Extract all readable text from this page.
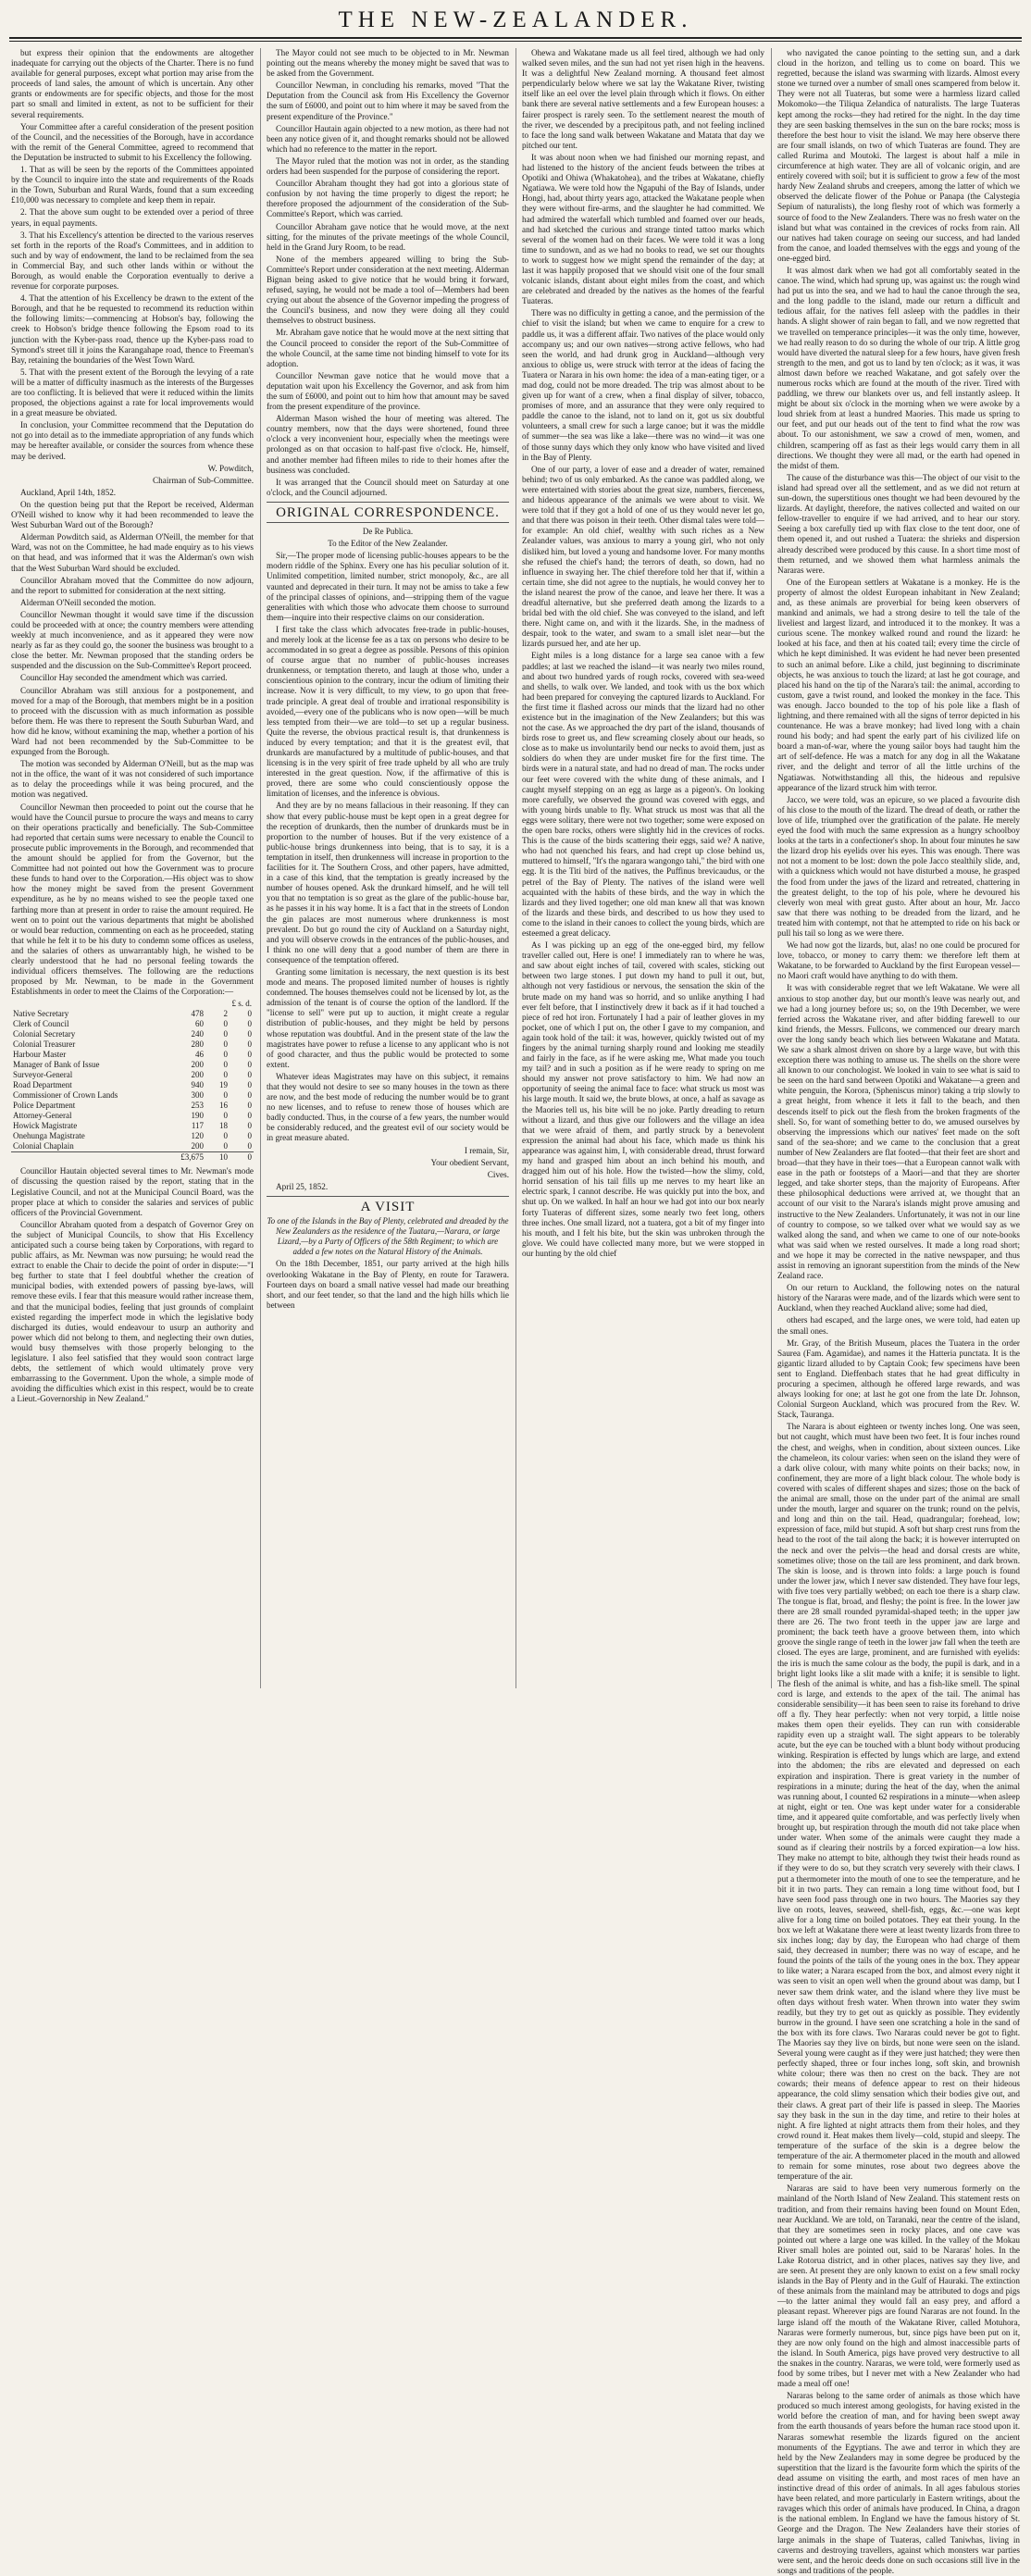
THE NEW-ZEALANDER.

but express their opinion that the endowments are altogether inadequate for carrying out the objects of the Charter. There is no fund available for general purposes, except what portion may arise from the proceeds of land sales, the amount of which is uncertain. Any other grants or endowments are for specific objects, and those for the most part so small and limited in extent, as not to be sufficient for their several requirements.

Your Committee after a careful consideration of the present position of the Council, and the necessities of the Borough, have in accordance with the remit of the General Committee, agreed to recommend that the Deputation be instructed to submit to his Excellency the following.

1. That as will be seen by the reports of the Committees appointed by the Council to inquire into the state and requirements of the Roads in the Town, Suburban and Rural Wards, found that a sum exceeding £10,000 was necessary to complete and keep them in repair.

2. That the above sum ought to be extended over a period of three years, in equal payments.

3. That his Excellency's attention be directed to the various reserves set forth in the reports of the Road's Committees, and in addition to such and by way of endowment, the land to be reclaimed from the sea in Commercial Bay, and such other lands within or without the Borough, as would enable the Corporation eventually to derive a revenue for corporate purposes.

4. That the attention of his Excellency be drawn to the extent of the Borough, and that he be requested to recommend its reduction within the following limits:—commencing at Hobson's bay, following the creek to Hobson's bridge thence following the Epsom road to its junction with the Kyber-pass road, thence up the Kyber-pass road to Symond's street till it joins the Karangahape road, thence to Freeman's Bay, retaining the boundaries of the West Town Ward.

5. That with the present extent of the Borough the levying of a rate will be a matter of difficulty inasmuch as the interests of the Burgesses are too conflicting. It is believed that were it reduced within the limits proposed, the objections against a rate for local improvements would in a great measure be obviated.

In conclusion, your Committee recommend that the Deputation do not go into detail as to the immediate appropriation of any funds which may be hereafter available, or consider the sources from whence these may be derived.

W. Powditch,

Chairman of Sub-Committee.

Auckland, April 14th, 1852.

On the question being put that the Report be received, Alderman O'Neill wished to know why it had been recommended to leave the West Suburban Ward out of the Borough?

Alderman Powditch said, as Alderman O'Neill, the member for that Ward, was not on the Committee, he had made enquiry as to his views on that head, and was informed that it was the Alderman's own wish that the West Suburban Ward should be excluded.

Councillor Abraham moved that the Committee do now adjourn, and the report to submitted for consideration at the next sitting.

Alderman O'Neill seconded the motion.

Councillor Newman thought it would save time if the discussion could be proceeded with at once; the country members were attending weekly at much inconvenience, and as it appeared they were now nearly as far as they could go, the sooner the business was brought to a close the better. Mr. Newman proposed that the standing orders be suspended and the discussion on the Sub-Committee's Report proceed.

Councillor Hay seconded the amendment which was carried.

Councillor Abraham was still anxious for a postponement, and moved for a map of the Borough, that members might be in a position to proceed with the discussion with as much information as possible before them. He was there to represent the South Suburban Ward, and how did he know, without examining the map, whether a portion of his Ward had not been recommended by the Sub-Committee to be expunged from the Borough.

The motion was seconded by Alderman O'Neill, but as the map was not in the office, the want of it was not considered of such importance as to delay the proceedings while it was being procured, and the motion was negatived.

Councillor Newman then proceeded to point out the course that he would have the Council pursue to procure the ways and means to carry on their operations practically and beneficially. The Sub-Committee had reported that certain sums were necessary to enable the Council to prosecute public improvements in the Borough, and recommended that the amount should be applied for from the Governor, but the Committee had not pointed out how the Government was to procure these funds to hand over to the Corporation.—His object was to show how the money might be saved from the present Government expenditure, as he by no means wished to see the people taxed one farthing more than at present in order to raise the amount required. He went on to point out the various departments that might be abolished or would bear reduction, commenting on each as he proceeded, stating that while he felt it to be his duty to condemn some offices as useless, and the salaries of others as unwarrantably high, he wished to be clearly understood that he had no personal feeling towards the individual officers themselves. The following are the reductions proposed by Mr. Newman, to be made in the Government Establishments in order to meet the Claims of the Corporation:—

	£ s. d.		
Native Secretary	478	2	0
Clerk of Council	60	0	0
Colonial Secretary	240	0	0
Colonial Treasurer	280	0	0
Harbour Master	46	0	0
Manager of Bank of Issue	200	0	0
Surveyor-General	200	0	0
Road Department	940	19	0
Commissioner of Crown Lands	300	0	0
Police Department	253	16	0
Attorney-General	190	0	0
Howick Magistrate	117	18	0
Onehunga Magistrate	120	0	0
Colonial Chaplain	200	0	0
	£3,675	10	0

Councillor Hautain objected several times to Mr. Newman's mode of discussing the question raised by the report, stating that in the Legislative Council, and not at the Municipal Council Board, was the proper place at which to consider the salaries and services of public officers of the Provincial Government.

Councillor Abraham quoted from a despatch of Governor Grey on the subject of Municipal Councils, to show that His Excellency anticipated such a course being taken by Corporations, with regard to public affairs, as Mr. Newman was now pursuing; he would read the extract to enable the Chair to decide the point of order in dispute:—"I beg further to state that I feel doubtful whether the creation of municipal bodies, with extended powers of passing bye-laws, will remove these evils. I fear that this measure would rather increase them, and that the municipal bodies, feeling that just grounds of complaint existed regarding the imperfect mode in which the legislative body discharged its duties, would endeavour to usurp an authority and power which did not belong to them, and neglecting their own duties, would busy themselves with those properly belonging to the legislature. I also feel satisfied that they would soon contract large debts, the settlement of which would ultimately prove very embarrassing to the Government. Upon the whole, a simple mode of avoiding the difficulties which exist in this respect, would be to create a Lieut.-Governorship in New Zealand."

The Mayor could not see much to be objected to in Mr. Newman pointing out the means whereby the money might be saved that was to be asked from the Government.

Councillor Newman, in concluding his remarks, moved "That the Deputation from the Council ask from His Excellency the Governor the sum of £6000, and point out to him where it may be saved from the present expenditure of the Province."

Councillor Hautain again objected to a new motion, as there had not been any notice given of it, and thought remarks should not be allowed which had no reference to the matter in the report.

The Mayor ruled that the motion was not in order, as the standing orders had been suspended for the purpose of considering the report.

Councillor Abraham thought they had got into a glorious state of confusion by not having the time properly to digest the report; he therefore proposed the adjournment of the consideration of the Sub-Committee's Report, which was carried.

Councillor Abraham gave notice that he would move, at the next sitting, for the minutes of the private meetings of the whole Council, held in the Grand Jury Room, to be read.

None of the members appeared willing to bring the Sub-Committee's Report under consideration at the next meeting. Alderman Bignan being asked to give notice that he would bring it forward, refused, saying, he would not be made a tool of—Members had been crying out about the absence of the Governor impeding the progress of the Council's business, and now they were doing all they could themselves to obstruct business.

Mr. Abraham gave notice that he would move at the next sitting that the Council proceed to consider the report of the Sub-Committee of the whole Council, at the same time not binding himself to vote for its adoption.

Councillor Newman gave notice that he would move that a deputation wait upon his Excellency the Governor, and ask from him the sum of £6000, and point out to him how that amount may be saved from the present expenditure of the province.

Alderman Mason wished the hour of meeting was altered. The country members, now that the days were shortened, found three o'clock a very inconvenient hour, especially when the meetings were prolonged as on that occasion to half-past five o'clock. He, himself, and another member had fifteen miles to ride to their homes after the business was concluded.

It was arranged that the Council should meet on Saturday at one o'clock, and the Council adjourned.

ORIGINAL CORRESPONDENCE.

De Re Publica.

To the Editor of the New Zealander.

Sir,—The proper mode of licensing public-houses appears to be the modern riddle of the Sphinx. Every one has his peculiar solution of it. Unlimited competition, limited number, strict monopoly, &c., are all vaunted and deprecated in their turn. It may not be amiss to take a few of the principal classes of opinions, and—stripping them of the vague generalities with which those who advocate them choose to surround them—inquire into their respective claims on our consideration.

I first take the class which advocates free-trade in public-houses, and merely look at the license fee as a tax on persons who desire to be accommodated in so great a degree as possible. Persons of this opinion of course argue that no number of public-houses increases drunkenness, or temptation thereto, and laugh at those who, under a conscientious opinion to the contrary, incur the odium of limiting their increase. Now it is very difficult, to my view, to go upon that free-trade principle. A great deal of trouble and irrational responsibility is avoided,—every one of the publicans who is now open—will be much less tempted from their—we are told—to set up a regular business. Quite the reverse, the obvious practical result is, that drunkenness is induced by every temptation; and that it is the greatest evil, that drunkards are manufactured by a multitude of public-houses, and that licensing is in the very spirit of free trade upheld by all who are truly interested in the great question. Now, if the affirmative of this is proved, there are some who could conscientiously oppose the limitation of licenses, and the inference is obvious.

And they are by no means fallacious in their reasoning. If they can show that every public-house must be kept open in a great degree for the reception of drunkards, then the number of drunkards must be in proportion to the number of houses. But if the very existence of a public-house brings drunkenness into being, that is to say, it is a temptation in itself, then drunkenness will increase in proportion to the facilities for it. The Southern Cross, and other papers, have admitted, in a case of this kind, that the temptation is greatly increased by the number of houses opened. Ask the drunkard himself, and he will tell you that no temptation is so great as the glare of the public-house bar, as he passes it in his way home. It is a fact that in the streets of London the gin palaces are most numerous where drunkenness is most prevalent. Do but go round the city of Auckland on a Saturday night, and you will observe crowds in the entrances of the public-houses, and I think no one will deny that a good number of them are there in consequence of the temptation offered.

Granting some limitation is necessary, the next question is its best mode and means. The proposed limited number of houses is rightly condemned. The houses themselves could not be licensed by lot, as the admission of the tenant is of course the option of the landlord. If the "license to sell" were put up to auction, it might create a regular distribution of public-houses, and they might be held by persons whose reputation was doubtful. And in the present state of the law the magistrates have power to refuse a license to any applicant who is not of good character, and thus the public would be protected to some extent.

Whatever ideas Magistrates may have on this subject, it remains that they would not desire to see so many houses in the town as there are now, and the best mode of reducing the number would be to grant no new licenses, and to refuse to renew those of houses which are badly conducted. Thus, in the course of a few years, the number would be considerably reduced, and the greatest evil of our society would be in great measure abated.

I remain, Sir,

Your obedient Servant,

Cives.

April 25, 1852.

A VISIT

To one of the Islands in the Bay of Plenty, celebrated and dreaded by the New Zealanders as the residence of the Tuatara,—Narara, or large Lizard,—by a Party of Officers of the 58th Regiment; to which are added a few notes on the Natural History of the Animals.

On the 18th December, 1851, our party arrived at the high hills overlooking Wakatane in the Bay of Plenty, en route for Tarawera. Fourteen days on board a small native vessel had made our breathing short, and our feet tender, so that the land and the high hills which lie between

Ohewa and Wakatane made us all feel tired, although we had only walked seven miles, and the sun had not yet risen high in the heavens. It was a delightful New Zealand morning. A thousand feet almost perpendicularly below where we sat lay the Wakatane River, twisting itself like an eel over the level plain through which it flows. On either bank there are several native settlements and a few European houses: a fairer prospect is rarely seen. To the settlement nearest the mouth of the river, we descended by a precipitous path, and not feeling inclined to face the long sand walk between Wakatane and Matata that day we pitched our tent.

It was about noon when we had finished our morning repast, and had listened to the history of the ancient feuds between the tribes at Opotiki and Ohiwa (Whakatohea), and the tribes at Wakatane, chiefly Ngatiawa. We were told how the Ngapuhi of the Bay of Islands, under Hongi, had, about thirty years ago, attacked the Wakatane people when they were without fire-arms, and the slaughter he had committed. We had admired the waterfall which tumbled and foamed over our heads, and had sketched the curious and strange tinted tattoo marks which several of the women had on their faces. We were told it was a long time to sundown, and as we had no books to read, we set our thoughts to work to suggest how we might spend the remainder of the day; at last it was happily proposed that we should visit one of the four small volcanic islands, distant about eight miles from the coast, and which are celebrated and dreaded by the natives as the homes of the fearful Tuateras.

There was no difficulty in getting a canoe, and the permission of the chief to visit the island; but when we came to enquire for a crew to paddle us, it was a different affair. Two natives of the place would only accompany us; and our own natives—strong active fellows, who had seen the world, and had drunk grog in Auckland—although very anxious to oblige us, were struck with terror at the ideas of facing the Tuatera or Narara in his own home: the idea of a man-eating tiger, or a mad dog, could not be more dreaded. The trip was almost about to be given up for want of a crew, when a final display of silver, tobacco, promises of more, and an assurance that they were only required to paddle the canoe to the island, not to land on it, got us six doubtful volunteers, a small crew for such a large canoe; but it was the middle of summer—the sea was like a lake—there was no wind—it was one of those sunny days which they only know who have visited and lived in the Bay of Plenty.

One of our party, a lover of ease and a dreader of water, remained behind; two of us only embarked. As the canoe was paddled along, we were entertained with stories about the great size, numbers, fierceness, and hideous appearance of the animals we were about to visit. We were told that if they got a hold of one of us they would never let go, and that there was poison in their teeth. Other dismal tales were told—for example: An old chief, wealthy with such riches as a New Zealander values, was anxious to marry a young girl, who not only disliked him, but loved a young and handsome lover. For many months she refused the chief's hand; the terrors of death, so down, had no influence in swaying her. The chief therefore told her that if, within a certain time, she did not agree to the nuptials, he would convey her to the island nearest the prow of the canoe, and leave her there. It was a dreadful alternative, but she preferred death among the lizards to a bridal bed with the old chief. She was conveyed to the island, and left there. Night came on, and with it the lizards. She, in the madness of despair, took to the water, and swam to a small islet near—but the lizards pursued her, and ate her up.

Eight miles is a long distance for a large sea canoe with a few paddles; at last we reached the island—it was nearly two miles round, and about two hundred yards of rough rocks, covered with sea-weed and shells, to walk over. We landed, and took with us the box which had been prepared for conveying the captured lizards to Auckland. For the first time it flashed across our minds that the lizard had no other existence but in the imagination of the New Zealanders; but this was not the case. As we approached the dry part of the island, thousands of birds rose to greet us, and flew screaming closely about our heads, so close as to make us involuntarily bend our necks to avoid them, just as soldiers do when they are under musket fire for the first time. The birds were in a natural state, and had no dread of man. The rocks under our feet were covered with the white dung of these animals, and I caught myself stepping on an egg as large as a pigeon's. On looking more carefully, we observed the ground was covered with eggs, and with young birds unable to fly. What struck us most was that all the eggs were solitary, there were not two together; some were exposed on the open bare rocks, others were slightly hid in the crevices of rocks. This is the cause of the birds scattering their eggs, said we? A native, who had not quenched his fears, and had crept up close behind us, muttered to himself, "It's the ngarara wangongo tahi," the bird with one egg. It is the Titi bird of the natives, the Puffinus brevicaudus, or the petrel of the Bay of Plenty. The natives of the island were well acquainted with the habits of these birds, and the way in which the lizards and they lived together; one old man knew all that was known of the lizards and these birds, and described to us how they used to come to the island in their canoes to collect the young birds, which are esteemed a great delicacy.

As I was picking up an egg of the one-egged bird, my fellow traveller called out, Here is one! I immediately ran to where he was, and saw about eight inches of tail, covered with scales, sticking out between two large stones. I put down my hand to pull it out, but, although not very fastidious or nervous, the sensation the skin of the brute made on my hand was so horrid, and so unlike anything I had ever felt before, that I instinctively drew it back as if it had touched a piece of red hot iron. Fortunately I had a pair of leather gloves in my pocket, one of which I put on, the other I gave to my companion, and again took hold of the tail: it was, however, quickly twisted out of my fingers by the animal turning sharply round and looking me steadily and fairly in the face, as if he were asking me, What made you touch my tail? and in such a position as if he were ready to spring on me should my answer not prove satisfactory to him. We had now an opportunity of seeing the animal face to face: what struck us most was his large mouth. It said we, the brute blows, at once, a half as savage as the Maories tell us, his bite will be no joke. Partly dreading to return without a lizard, and thus give our followers and the village an idea that we were afraid of them, and partly struck by a benevolent expression the animal had about his face, which made us think his appearance was against him, I, with considerable dread, thrust forward my hand and grasped him about an inch behind his mouth, and dragged him out of his hole. How the twisted—how the slimy, cold, horrid sensation of his tail fills up me nerves to my heart like an electric spark, I cannot describe. He was quickly put into the box, and shut up. On we walked. In half an hour we had got into our box nearly forty Tuateras of different sizes, some nearly two feet long, others three inches. One small lizard, not a tuatera, got a bit of my finger into his mouth, and I felt his bite, but the skin was unbroken through the glove. We could have collected many more, but we were stopped in our hunting by the old chief

who navigated the canoe pointing to the setting sun, and a dark cloud in the horizon, and telling us to come on board. This we regretted, because the island was swarming with lizards. Almost every stone we turned over a number of small ones scampered from below it. They were not all Tuateras, but some were a harmless lizard called Mokomoko—the Tiliqua Zelandica of naturalists. The large Tuateras kept among the rocks—they had retired for the night. In the day time they are seen basking themselves in the sun on the bare rocks; moss is therefore the best hour to visit the island. We may here observe there are four small islands, on two of which Tuateras are found. They are called Rurima and Moutoki. The largest is about half a mile in circumference at high water. They are all of volcanic origin, and are entirely covered with soil; but it is sufficient to grow a few of the most hardy New Zealand shrubs and creepers, among the latter of which we observed the delicate flower of the Pohue or Panapa (the Calystegia Sepium of naturalists), the long fleshy root of which was formerly a source of food to the New Zealanders. There was no fresh water on the island but what was contained in the crevices of rocks from rain. All our natives had taken courage on seeing our success, and had landed from the canoe, and loaded themselves with the eggs and young of the one-egged bird.

It was almost dark when we had got all comfortably seated in the canoe. The wind, which had sprung up, was against us: the rough wind had put us into the sea, and we had to haul the canoe through the sea, and the long paddle to the island, made our return a difficult and tedious affair, for the natives fell asleep with the paddles in their hands. A slight shower of rain began to fall, and we now regretted that we travelled on temperance principles—it was the only time, however, we had really reason to do so during the whole of our trip. A little grog would have diverted the natural sleep for a few hours, have given fresh strength to the men, and got us to land by ten o'clock; as it was, it was almost dawn before we reached Wakatane, and got safely over the numerous rocks which are found at the mouth of the river. Tired with paddling, we threw our blankets over us, and fell instantly asleep. It might be about six o'clock in the morning when we were awoke by a loud shriek from at least a hundred Maories. This made us spring to our feet, and put our heads out of the tent to find what the row was about. To our astonishment, we saw a crowd of men, women, and children, scampering off as fast as their legs would carry them in all directions. We thought they were all mad, or the earth had opened in the midst of them.

The cause of the disturbance was this—The object of our visit to the island had spread over all the settlement, and as we did not return at sun-down, the superstitious ones thought we had been devoured by the lizards. At daylight, therefore, the natives collected and waited on our fellow-traveller to enquire if we had arrived, and to hear our story. Seeing a box carefully tied up with flax close to the tent door, one of them opened it, and out rushed a Tuatera: the shrieks and dispersion already described were produced by this cause. In a short time most of them returned, and we showed them what harmless animals the Nararas were.

One of the European settlers at Wakatane is a monkey. He is the property of almost the oldest European inhabitant in New Zealand; and, as these animals are proverbial for being keen observers of mankind and animals, we had a strong desire to tell the tale of the liveliest and largest lizard, and introduced it to the monkey. It was a curious scene. The monkey walked round and round the lizard: he looked at his face, and then at his coated tail; every time the circle of which he kept diminished. It was evident he had never been presented to such an animal before. Like a child, just beginning to discriminate objects, he was anxious to touch the lizard; at last he got courage, and placed his hand on the tip of the Narara's tail: the animal, according to custom, gave a twist round, and looked the monkey in the face. This was enough. Jacco bounded to the top of his pole like a flash of lightning, and there remained with all the signs of terror depicted in his countenance. He was a brave monkey; had lived long with a chain round his body; and had spent the early part of his civilized life on board a man-of-war, where the young sailor boys had taught him the art of self-defence. He was a match for any dog in all the Wakatane river, and the delight and terror of all the little urchins of the Ngatiawas. Notwithstanding all this, the hideous and repulsive appearance of the lizard struck him with terror.

Jacco, we were told, was an epicure, so we placed a favourite dish of his close to the mouth of the lizard. The dread of death, or rather the love of life, triumphed over the gratification of the palate. He merely eyed the food with much the same expression as a hungry schoolboy looks at the tarts in a confectioner's shop. In about four minutes he saw the lizard drop his eyelids over his eyes. This was enough. There was not not a moment to be lost: down the pole Jacco stealthily slide, and, with a quickness which would not have disturbed a mouse, he grasped the food from under the jaws of the lizard and retreated, chattering in the greatest delight, to the top of his pole, where he devoured his cleverly won meal with great gusto. After about an hour, Mr. Jacco saw that there was nothing to be dreaded from the lizard, and he treated him with contempt, not that he attempted to ride on his back or pull his tail so long as we were there.

We had now got the lizards, but, alas! no one could be procured for love, tobacco, or money to carry them: we therefore left them at Wakatane, to be forwarded to Auckland by the first European vessel—no Maori craft would have anything to do with them.

It was with considerable regret that we left Wakatane. We were all anxious to stop another day, but our month's leave was nearly out, and we had a long journey before us; so, on the 19th December, we were ferried across the Wakatane river, and after bidding farewell to our kind friends, the Messrs. Fullcons, we commenced our dreary march over the long sandy beach which lies between Wakatane and Matata. We saw a shark almost driven on shore by a large wave, but with this exception there was nothing to amuse us. The shells on the shore were all known to our conchologist. We looked in vain to see what is said to be seen on the hard sand between Opotiki and Wakatane—a green and white penguin, the Korora, (Spheniscus minor) taking a trip slowly to a great height, from whence it lets it fall to the beach, and then descends itself to pick out the flesh from the broken fragments of the shell. So, for want of something better to do, we amused ourselves by observing the impressions which our natives' feet made on the soft sand of the sea-shore; and we came to the conclusion that a great number of New Zealanders are flat footed—that their feet are short and broad—that they have in their toes—that a European cannot walk with ease in the path or footsteps of a Maori—and that they are shorter legged, and take shorter steps, than the majority of Europeans. After these philosophical deductions were arrived at, we thought that an account of our visit to the Narara's islands might prove amusing and instructive to the New Zealanders. Unfortunately, it was not in our line of country to compose, so we talked over what we would say as we walked along the sand, and when we came to one of our note-books what was said when we rested ourselves. It made a long road short; and we hope it may be corrected in the native newspaper, and thus assist in removing an ignorant superstition from the minds of the New Zealand race.

On our return to Auckland, the following notes on the natural history of the Nararas were made, and of the lizards which were sent to Auckland, when they reached Auckland alive; some had died,

others had escaped, and the large ones, we were told, had eaten up the small ones.

Mr. Gray, of the British Museum, places the Tuatera in the order Saurea (Fam. Agamidae), and names it the Hatteria punctata. It is the gigantic lizard alluded to by Captain Cook; few specimens have been sent to England. Dieffenbach states that he had great difficulty in procuring a specimen, although he offered large rewards, and was always looking for one; at last he got one from the late Dr. Johnson, Colonial Surgeon Auckland, which was procured from the Rev. W. Stack, Tauranga.

The Narara is about eighteen or twenty inches long. One was seen, but not caught, which must have been two feet. It is four inches round the chest, and weighs, when in condition, about sixteen ounces. Like the chameleon, its colour varies: when seen on the island they were of a dark olive colour, with many white points on their backs; now, in confinement, they are more of a light black colour. The whole body is covered with scales of different shapes and sizes; those on the back of the animal are small, those on the under part of the animal are small under the mouth, larger and squarer on the trunk; round on the pelvis, and long and thin on the tail. Head, quadrangular; forehead, low; expression of face, mild but stupid. A soft but sharp crest runs from the head to the root of the tail along the back; it is however interrupted on the neck and over the pelvis—the head and dorsal crests are white, sometimes olive; those on the tail are less prominent, and dark brown. The skin is loose, and is thrown into folds: a large pouch is found under the lower jaw, which I never saw distended. They have four legs, with five toes very partially webbed; on each toe there is a sharp claw. The tongue is flat, broad, and fleshy; the point is free. In the lower jaw there are 28 small rounded pyramidal-shaped teeth; in the upper jaw there are 26. The two front teeth in the upper jaw are large and prominent; the back teeth have a groove between them, into which groove the single range of teeth in the lower jaw fall when the teeth are closed. The eyes are large, prominent, and are furnished with eyelids: the iris is much the same colour as the body, the pupil is dark, and in a bright light looks like a slit made with a knife; it is sensible to light. The flesh of the animal is white, and has a fish-like smell. The spinal cord is large, and extends to the apex of the tail. The animal has considerable sensibility—it has been seen to raise its forehand to drive off a fly. They hear perfectly: when not very torpid, a little noise makes them open their eyelids. They can run with considerable rapidity even up a straight wall. The sight appears to be tolerably acute, but the eye can be touched with a blunt body without producing winking. Respiration is effected by lungs which are large, and extend into the abdomen; the ribs are elevated and depressed on each expiration and inspiration. There is great variety in the number of respirations in a minute; during the heat of the day, when the animal was running about, I counted 62 respirations in a minute—when asleep at night, eight or ten. One was kept under water for a considerable time, and it appeared quite comfortable, and was perfectly lively when brought up, but respiration through the mouth did not take place when under water. When some of the animals were caught they made a sound as if clearing their nostrils by a forced expiration—a low hiss. They make no attempt to bite, although they twist their heads round as if they were to do so, but they scratch very severely with their claws. I put a thermometer into the mouth of one to see the temperature, and he bit it in two parts. They can remain a long time without food, but I have seen food pass through one in two hours. The Maories say they live on roots, leaves, seaweed, shell-fish, eggs, &c.—one was kept alive for a long time on boiled potatoes. They eat their young. In the box we left at Wakatane there were at least twenty lizards from three to six inches long; day by day, the European who had charge of them said, they decreased in number; there was no way of escape, and he found the points of the tails of the young ones in the box. They appear to like water; a Narara escaped from the box, and almost every night it was seen to visit an open well when the ground about was damp, but I never saw them drink water, and the island where they live must be often days without fresh water. When thrown into water they swim readily, but they try to get out as quickly as possible. They evidently burrow in the ground. I have seen one scratching a hole in the sand of the box with its fore claws. Two Nararas could never be got to fight. The Maories say they live on birds, but none were seen on the island. Several young were caught as if they were just hatched; they were then perfectly shaped, three or four inches long, soft skin, and brownish white colour; there was then no crest on the back. They are not cowards; their means of defence appear to rest on their hideous appearance, the cold slimy sensation which their bodies give out, and their claws. A great part of their life is passed in sleep. The Maories say they bask in the sun in the day time, and retire to their holes at night. A fire lighted at night attracts them from their holes, and they crowd round it. Heat makes them lively—cold, stupid and sleepy. The temperature of the surface of the skin is a degree below the temperature of the air. A thermometer placed in the mouth and allowed to remain for some minutes, rose about two degrees above the temperature of the air.

Nararas are said to have been very numerous formerly on the mainland of the North Island of New Zealand. This statement rests on tradition, and from their remains having been found on Mount Eden, near Auckland. We are told, on Taranaki, near the centre of the island, that they are sometimes seen in rocky places, and one cave was pointed out where a large one was killed. In the valley of the Mokau River small holes are pointed out, said to be Nararas' holes. In the Lake Rotorua district, and in other places, natives say they live, and are seen. At present they are only known to exist on a few small rocky islands in the Bay of Plenty and in the Gulf of Hauraki. The extinction of these animals from the mainland may be attributed to dogs and pigs—to the latter animal they would fall an easy prey, and afford a pleasant repast. Wherever pigs are found Nararas are not found. In the large island off the mouth of the Wakatane River, called Motuhora, Nararas were formerly numerous, but, since pigs have been put on it, they are now only found on the high and almost inaccessible parts of the island. In South America, pigs have proved very destructive to all the snakes in the country. Nararas, we were told, were formerly used as food by some tribes, but I never met with a New Zealander who had made a meal off one!

Nararas belong to the same order of animals as those which have produced so much interest among geologists, for having existed in the world before the creation of man, and for having been swept away from the earth thousands of years before the human race stood upon it. Nararas somewhat resemble the lizards figured on the ancient monuments of the Egyptians. The awe and terror in which they are held by the New Zealanders may in some degree be produced by the superstition that the lizard is the favourite form which the spirits of the dead assume on visiting the earth, and most races of men have an instinctive dread of this order of animals. In all ages fabulous stories have been related, and more particularly in Eastern writings, about the ravages which this order of animals have produced. In China, a dragon is the national emblem. In England we have the famous history of St. George and the Dragon. The New Zealanders have their stories of large animals in the shape of Tuateras, called Taniwhas, living in caverns and destroying travellers, against which monsters war parties were sent, and the heroic deeds done on such occasions still live in the songs and traditions of the people.
